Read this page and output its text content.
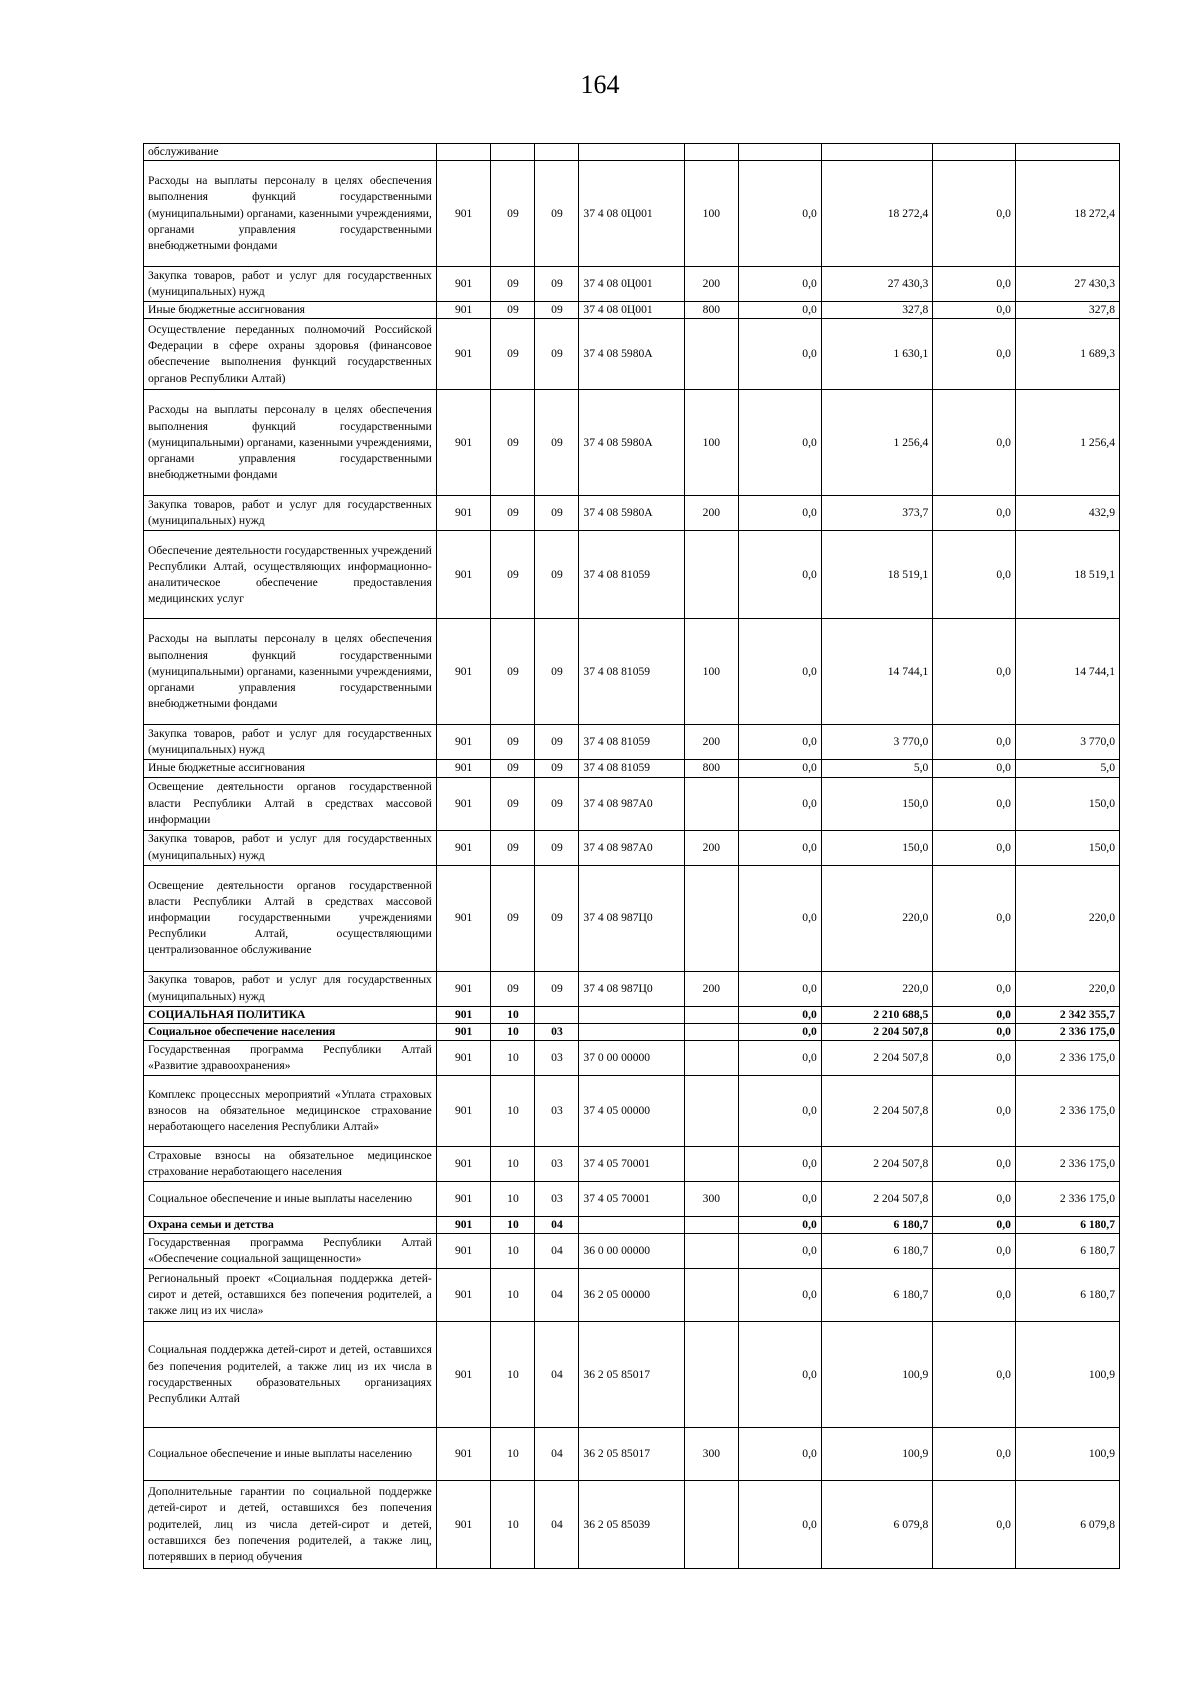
164
обслуживание									
Расходы на выплаты персоналу в целях обеспечения выполнения функций государственными (муниципальными) органами, казенными учреждениями, органами управления государственными внебюджетными фондами	901	09	09	37 4 08 0Ц001	100	0,0	18 272,4	0,0	18 272,4
Закупка товаров, работ и услуг для государственных (муниципальных) нужд	901	09	09	37 4 08 0Ц001	200	0,0	27 430,3	0,0	27 430,3
Иные бюджетные ассигнования	901	09	09	37 4 08 0Ц001	800	0,0	327,8	0,0	327,8
Осуществление переданных полномочий Российской Федерации в сфере охраны здоровья (финансовое обеспечение выполнения функций государственных органов Республики Алтай)	901	09	09	37 4 08 5980А		0,0	1 630,1	0,0	1 689,3
Расходы на выплаты персоналу в целях обеспечения выполнения функций государственными (муниципальными) органами, казенными учреждениями, органами управления государственными внебюджетными фондами	901	09	09	37 4 08 5980А	100	0,0	1 256,4	0,0	1 256,4
Закупка товаров, работ и услуг для государственных (муниципальных) нужд	901	09	09	37 4 08 5980А	200	0,0	373,7	0,0	432,9
Обеспечение деятельности государственных учреждений Республики Алтай, осуществляющих информационно-аналитическое обеспечение предоставления медицинских услуг	901	09	09	37 4 08 81059		0,0	18 519,1	0,0	18 519,1
Расходы на выплаты персоналу в целях обеспечения выполнения функций государственными (муниципальными) органами, казенными учреждениями, органами управления государственными внебюджетными фондами	901	09	09	37 4 08 81059	100	0,0	14 744,1	0,0	14 744,1
Закупка товаров, работ и услуг для государственных (муниципальных) нужд	901	09	09	37 4 08 81059	200	0,0	3 770,0	0,0	3 770,0
Иные бюджетные ассигнования	901	09	09	37 4 08 81059	800	0,0	5,0	0,0	5,0
Освещение деятельности органов государственной власти Республики Алтай в средствах массовой информации	901	09	09	37 4 08 987А0		0,0	150,0	0,0	150,0
Закупка товаров, работ и услуг для государственных (муниципальных) нужд	901	09	09	37 4 08 987А0	200	0,0	150,0	0,0	150,0
Освещение деятельности органов государственной власти Республики Алтай в средствах массовой информации государственными учреждениями Республики Алтай, осуществляющими централизованное обслуживание	901	09	09	37 4 08 987Ц0		0,0	220,0	0,0	220,0
Закупка товаров, работ и услуг для государственных (муниципальных) нужд	901	09	09	37 4 08 987Ц0	200	0,0	220,0	0,0	220,0
СОЦИАЛЬНАЯ ПОЛИТИКА	901	10				0,0	2 210 688,5	0,0	2 342 355,7
Социальное обеспечение населения	901	10	03			0,0	2 204 507,8	0,0	2 336 175,0
Государственная программа Республики Алтай «Развитие здравоохранения»	901	10	03	37 0 00 00000		0,0	2 204 507,8	0,0	2 336 175,0
Комплекс процессных мероприятий «Уплата страховых взносов на обязательное медицинское страхование неработающего населения Республики Алтай»	901	10	03	37 4 05 00000		0,0	2 204 507,8	0,0	2 336 175,0
Страховые взносы на обязательное медицинское страхование неработающего населения	901	10	03	37 4 05 70001		0,0	2 204 507,8	0,0	2 336 175,0
Социальное обеспечение и иные выплаты населению	901	10	03	37 4 05 70001	300	0,0	2 204 507,8	0,0	2 336 175,0
Охрана семьи и детства	901	10	04			0,0	6 180,7	0,0	6 180,7
Государственная программа Республики Алтай «Обеспечение социальной защищенности»	901	10	04	36 0 00 00000		0,0	6 180,7	0,0	6 180,7
Региональный проект «Социальная поддержка детей-сирот и детей, оставшихся без попечения родителей, а также лиц из их числа»	901	10	04	36 2 05 00000		0,0	6 180,7	0,0	6 180,7
Социальная поддержка детей-сирот и детей, оставшихся без попечения родителей, а также лиц из их числа в государственных образовательных организациях Республики Алтай	901	10	04	36 2 05 85017		0,0	100,9	0,0	100,9
Социальное обеспечение и иные выплаты населению	901	10	04	36 2 05 85017	300	0,0	100,9	0,0	100,9
Дополнительные гарантии по социальной поддержке детей-сирот и детей, оставшихся без попечения родителей, лиц из числа детей-сирот и детей, оставшихся без попечения родителей, а также лиц, потерявших в период обучения	901	10	04	36 2 05 85039		0,0	6 079,8	0,0	6 079,8
